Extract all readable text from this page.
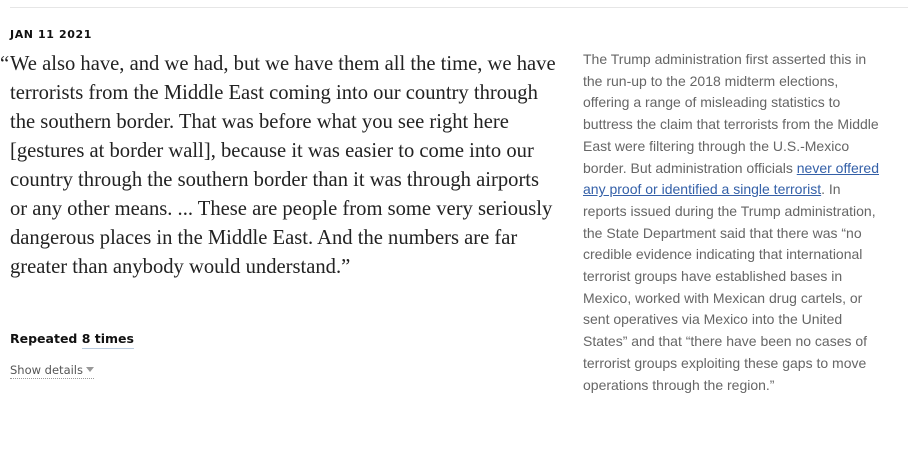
JAN 11 2021

“ We also have, and we had, but we have them all the time, we have terrorists from the Middle East coming into our country through the southern border. That was before what you see right here [gestures at border wall], because it was easier to come into our country through the southern border than it was through airports or any other means. ... These are people from some very seriously dangerous places in the Middle East. And the numbers are far greater than anybody would understand.”

Repeated 8 times
Show details

The Trump administration first asserted this in the run-up to the 2018 midterm elections, offering a range of misleading statistics to buttress the claim that terrorists from the Middle East were filtering through the U.S.-Mexico border. But administration officials never offered any proof or identified a single terrorist. In reports issued during the Trump administration, the State Department said that there was “no credible evidence indicating that international terrorist groups have established bases in Mexico, worked with Mexican drug cartels, or sent operatives via Mexico into the United States” and that “there have been no cases of terrorist groups exploiting these gaps to move operations through the region.”
